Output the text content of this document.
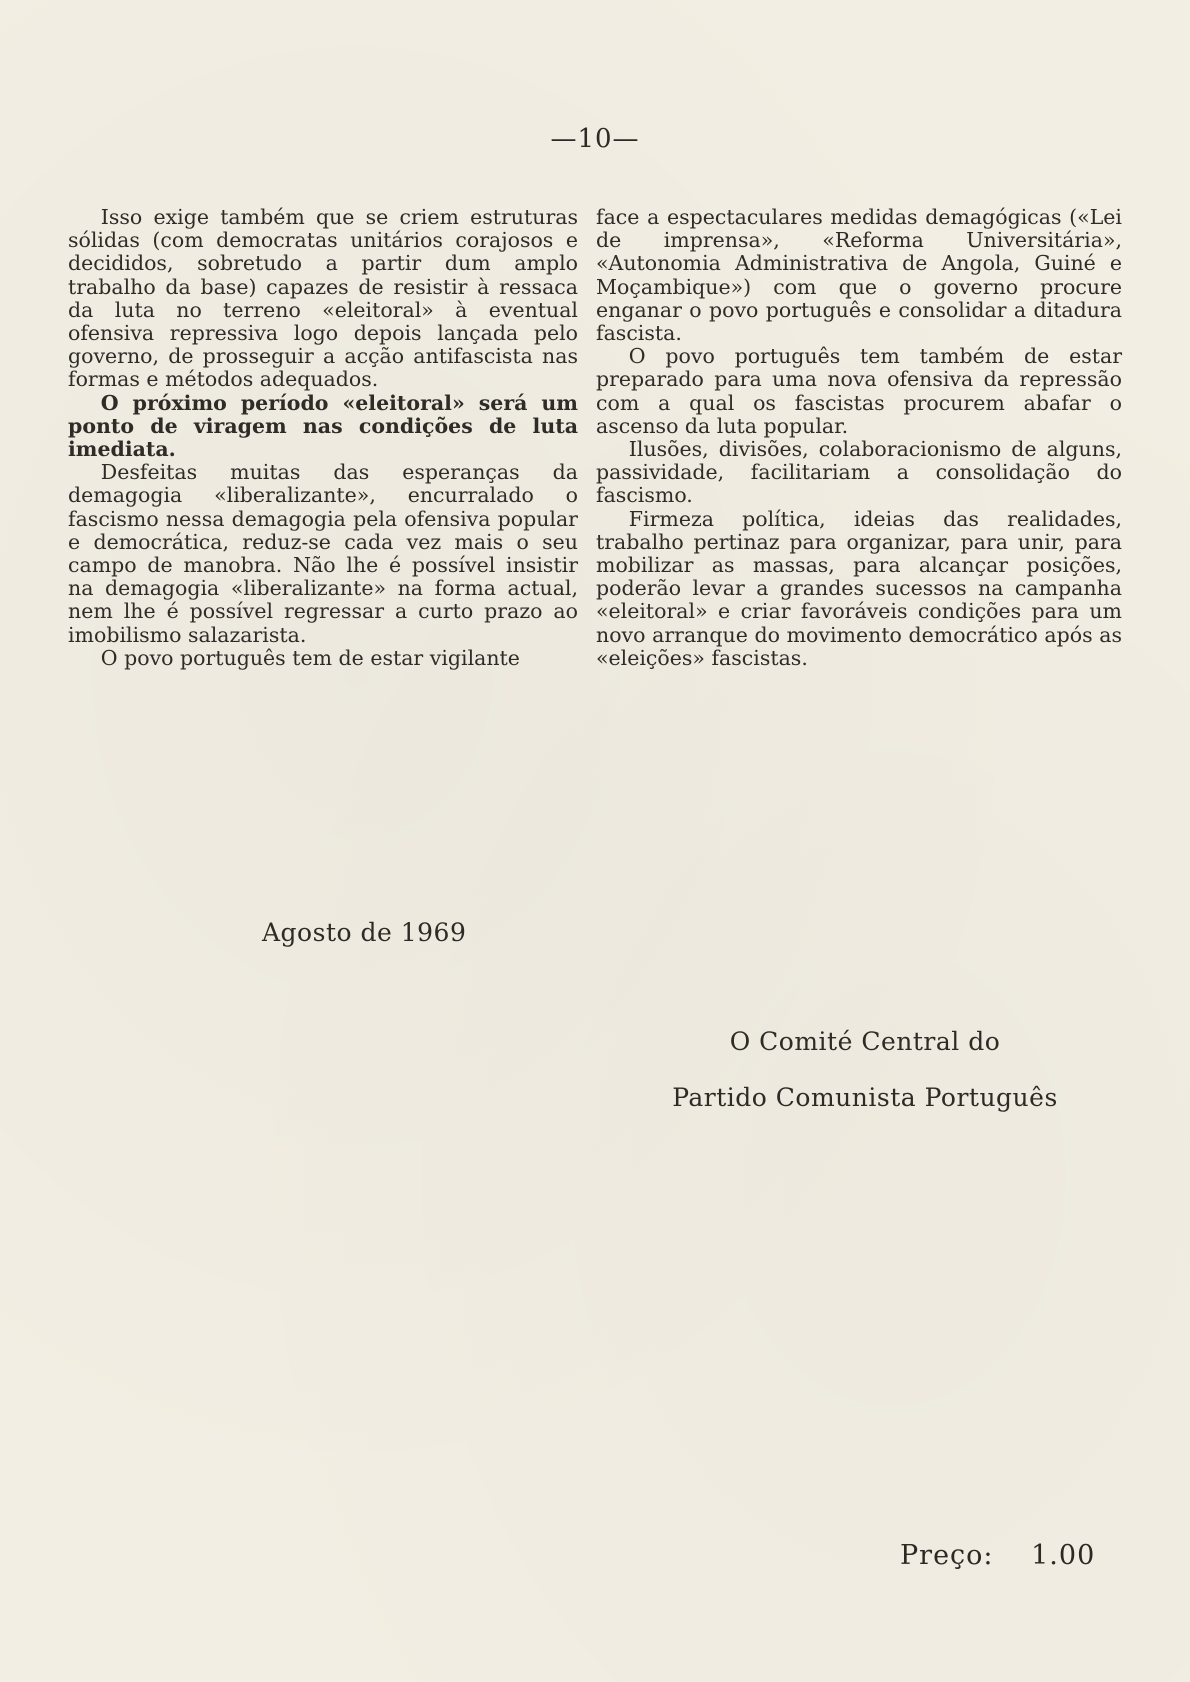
—10—

Isso exige também que se criem estruturas sólidas (com democratas unitários corajosos e decididos, sobretudo a partir dum amplo trabalho da base) capazes de resistir à ressaca da luta no terreno «eleitoral» à eventual ofensiva repressiva logo depois lançada pelo governo, de prosseguir a acção antifascista nas formas e métodos adequados.

O próximo período «eleitoral» será um ponto de viragem nas condições de luta imediata.

Desfeitas muitas das esperanças da demagogia «liberalizante», encurralado o fascismo nessa demagogia pela ofensiva popular e democrática, reduz-se cada vez mais o seu campo de manobra. Não lhe é possível insistir na demagogia «liberalizante» na forma actual, nem lhe é possível regressar a curto prazo ao imobilismo salazarista.

O povo português tem de estar vigilante

face a espectaculares medidas demagógicas («Lei de imprensa», «Reforma Universitária», «Autonomia Administrativa de Angola, Guiné e Moçambique») com que o governo procure enganar o povo português e consolidar a ditadura fascista.

O povo português tem também de estar preparado para uma nova ofensiva da repressão com a qual os fascistas procurem abafar o ascenso da luta popular.

Ilusões, divisões, colaboracionismo de alguns, passividade, facilitariam a consolidação do fascismo.

Firmeza política, ideias das realidades, trabalho pertinaz para organizar, para unir, para mobilizar as massas, para alcançar posições, poderão levar a grandes sucessos na campanha «eleitoral» e criar favoráveis condições para um novo arranque do movimento democrático após as «eleições» fascistas.

Agosto de 1969
O Comité Central do
Partido Comunista Português
Preço: 1.00
